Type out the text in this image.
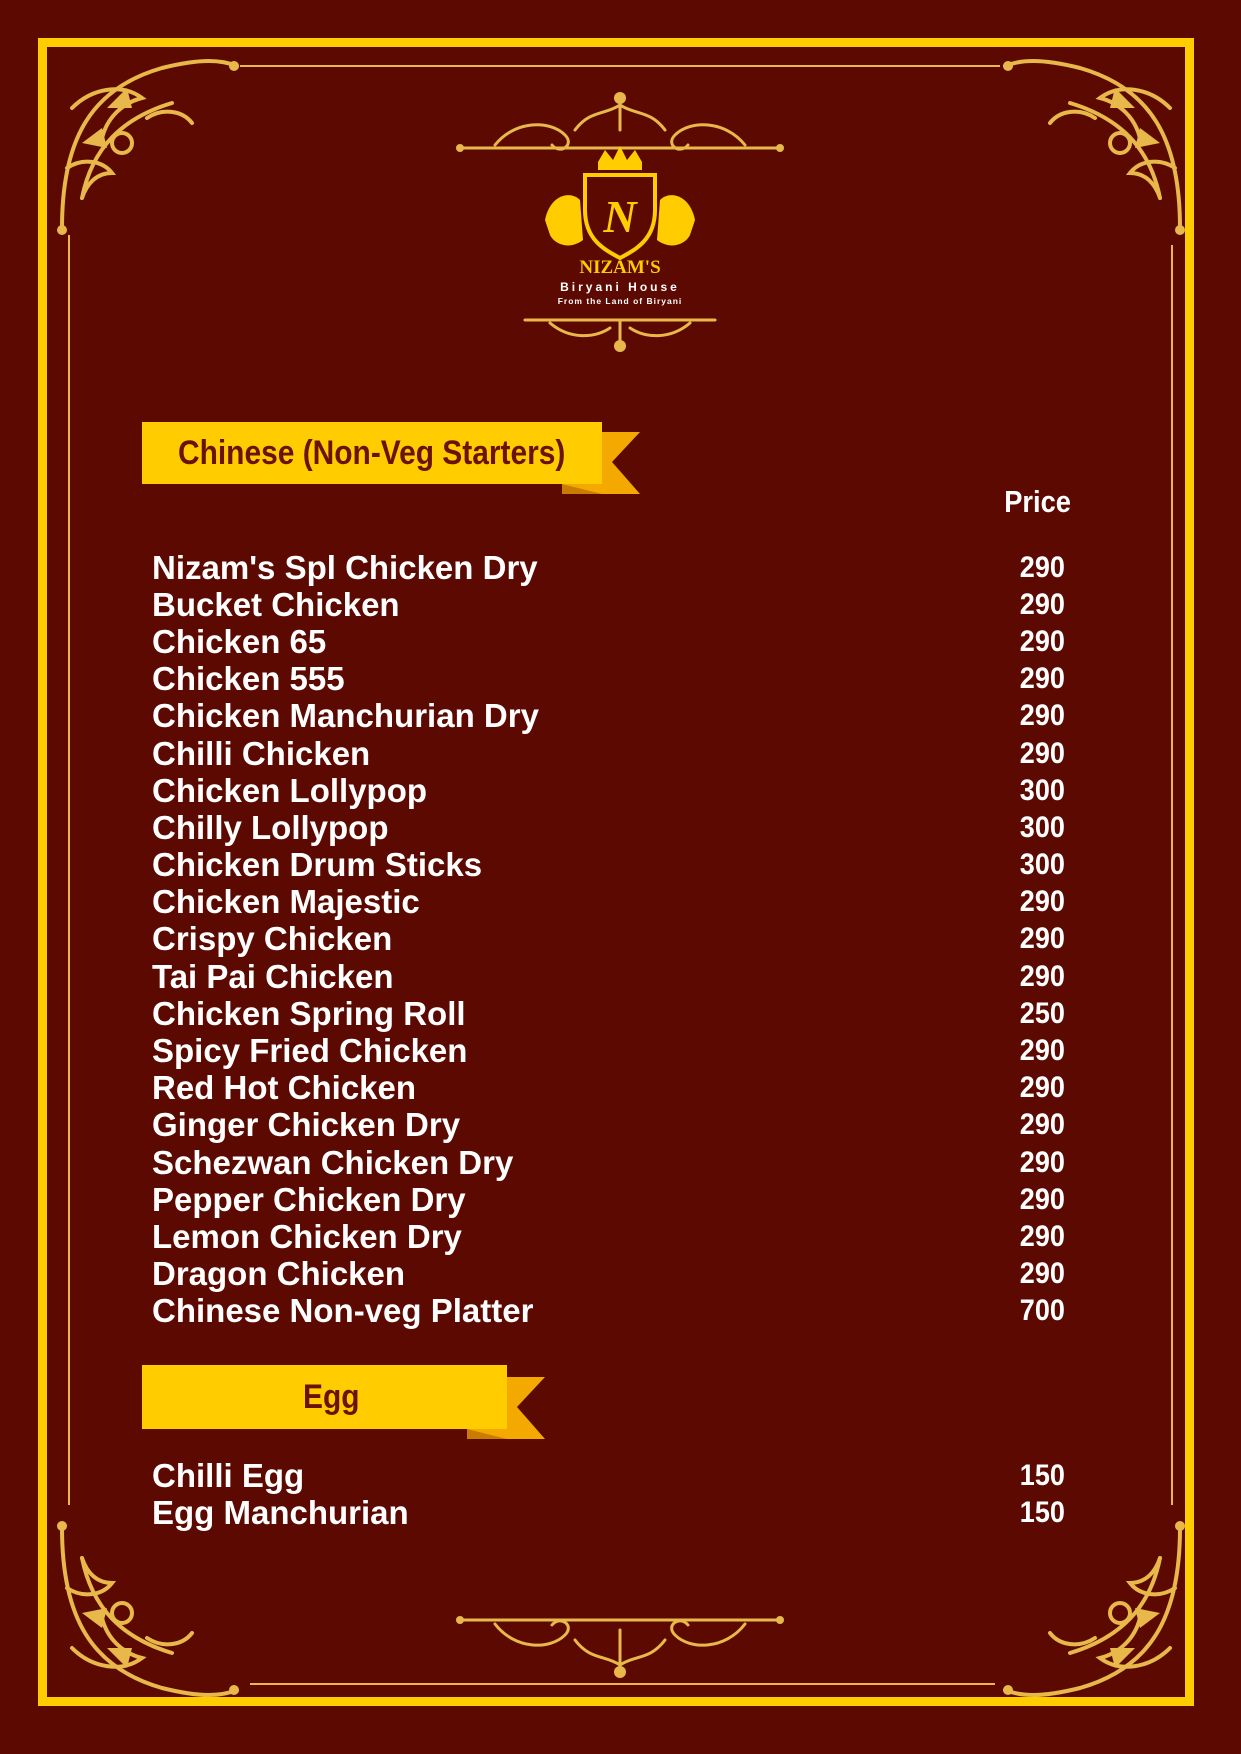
N
NIZAM'S
Biryani House
From the Land of Biryani
Chinese (Non-Veg Starters)
Price
Nizam's Spl Chicken Dry	290
Bucket Chicken	290
Chicken 65	290
Chicken 555	290
Chicken Manchurian Dry	290
Chilli Chicken	290
Chicken Lollypop	300
Chilly Lollypop	300
Chicken Drum Sticks	300
Chicken Majestic	290
Crispy Chicken	290
Tai Pai Chicken	290
Chicken Spring Roll	250
Spicy Fried Chicken	290
Red Hot Chicken	290
Ginger Chicken Dry	290
Schezwan Chicken Dry	290
Pepper Chicken Dry	290
Lemon Chicken Dry	290
Dragon Chicken	290
Chinese Non-veg Platter	700
Egg
Chilli Egg	150
Egg Manchurian	150
